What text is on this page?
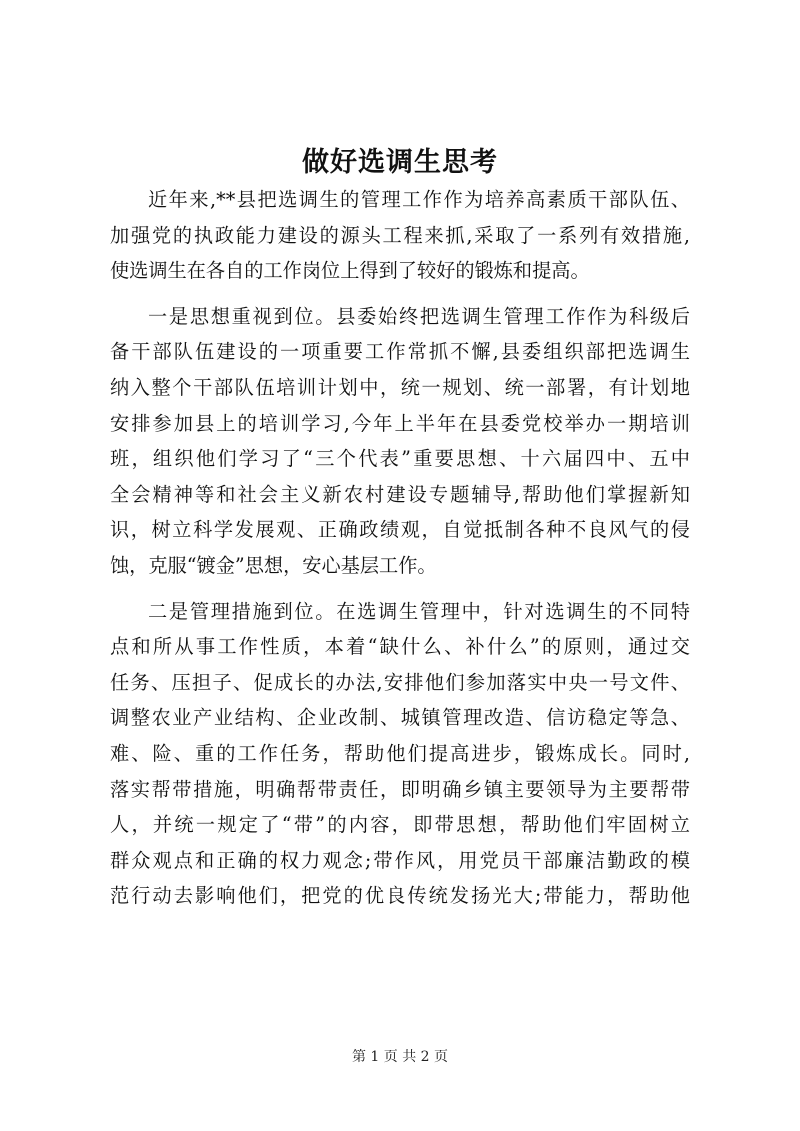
做好选调生思考
近年来,**县把选调生的管理工作作为培养高素质干部队伍、
加强党的执政能力建设的源头工程来抓,采取了一系列有效措施,
使选调生在各自的工作岗位上得到了较好的锻炼和提高。
一是思想重视到位。县委始终把选调生管理工作作为科级后
备干部队伍建设的一项重要工作常抓不懈,县委组织部把选调生
纳入整个干部队伍培训计划中，统一规划、统一部署，有计划地
安排参加县上的培训学习,今年上半年在县委党校举办一期培训
班，组织他们学习了“三个代表”重要思想、十六届四中、五中
全会精神等和社会主义新农村建设专题辅导,帮助他们掌握新知
识，树立科学发展观、正确政绩观，自觉抵制各种不良风气的侵
蚀，克服“镀金”思想，安心基层工作。
二是管理措施到位。在选调生管理中，针对选调生的不同特
点和所从事工作性质，本着“缺什么、补什么”的原则，通过交
任务、压担子、促成长的办法,安排他们参加落实中央一号文件、
调整农业产业结构、企业改制、城镇管理改造、信访稳定等急、
难、险、重的工作任务，帮助他们提高进步，锻炼成长。同时,
落实帮带措施，明确帮带责任，即明确乡镇主要领导为主要帮带
人，并统一规定了“带”的内容，即带思想，帮助他们牢固树立
群众观点和正确的权力观念;带作风，用党员干部廉洁勤政的模
范行动去影响他们，把党的优良传统发扬光大;带能力，帮助他
第 1 页 共 2 页
